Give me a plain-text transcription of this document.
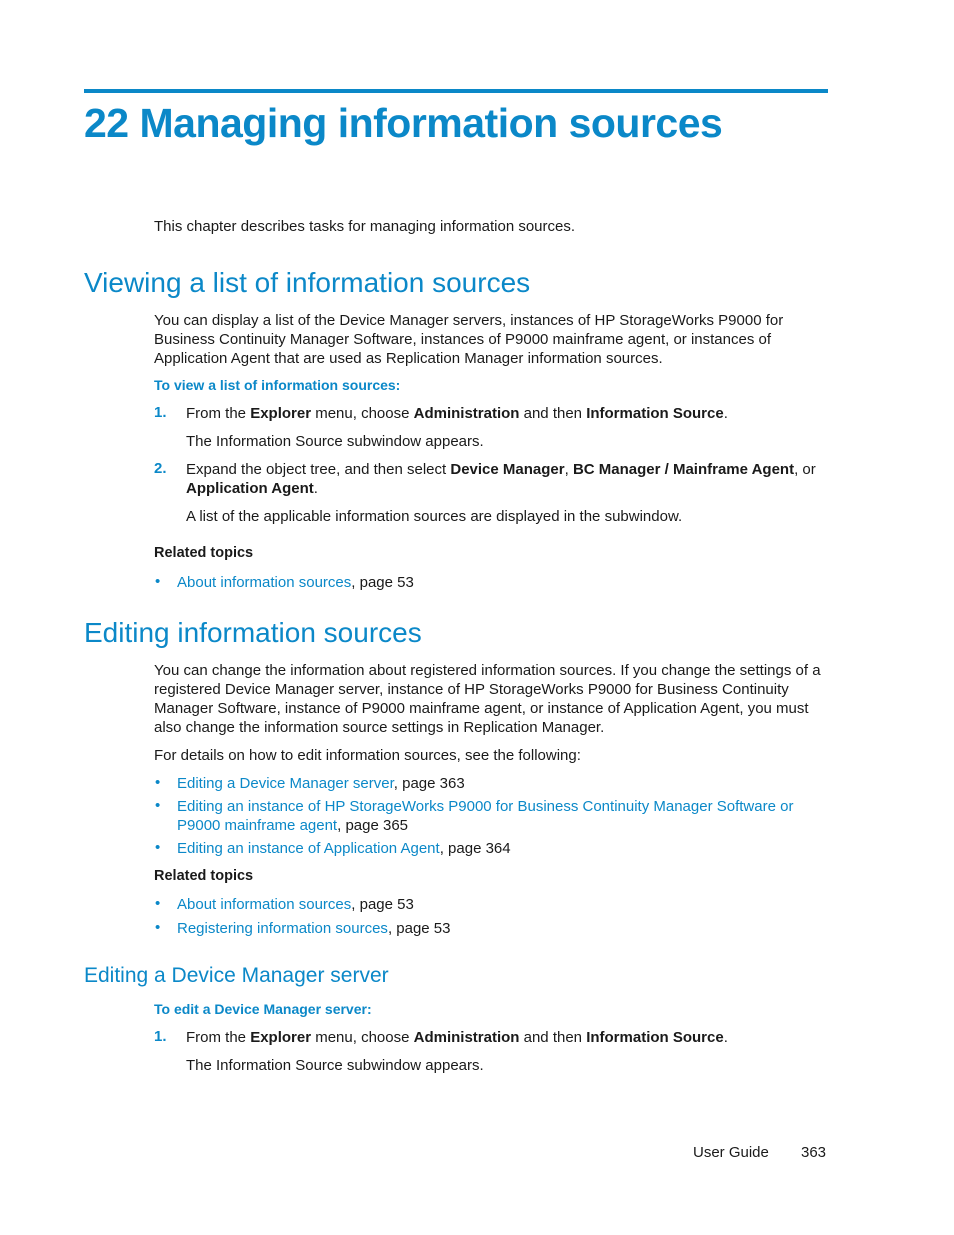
22 Managing information sources

This chapter describes tasks for managing information sources.

Viewing a list of information sources

You can display a list of the Device Manager servers, instances of HP StorageWorks P9000 for Business Continuity Manager Software, instances of P9000 mainframe agent, or instances of Application Agent that are used as Replication Manager information sources.

To view a list of information sources:

1. From the Explorer menu, choose Administration and then Information Source.

The Information Source subwindow appears.

2. Expand the object tree, and then select Device Manager, BC Manager / Mainframe Agent, or Application Agent.

A list of the applicable information sources are displayed in the subwindow.

Related topics

• About information sources, page 53

Editing information sources

You can change the information about registered information sources. If you change the settings of a registered Device Manager server, instance of HP StorageWorks P9000 for Business Continuity Manager Software, instance of P9000 mainframe agent, or instance of Application Agent, you must also change the information source settings in Replication Manager.

For details on how to edit information sources, see the following:

• Editing a Device Manager server, page 363

• Editing an instance of HP StorageWorks P9000 for Business Continuity Manager Software or P9000 mainframe agent, page 365

• Editing an instance of Application Agent, page 364

Related topics

• About information sources, page 53

• Registering information sources, page 53

Editing a Device Manager server

To edit a Device Manager server:

1. From the Explorer menu, choose Administration and then Information Source.

The Information Source subwindow appears.

User Guide 363
